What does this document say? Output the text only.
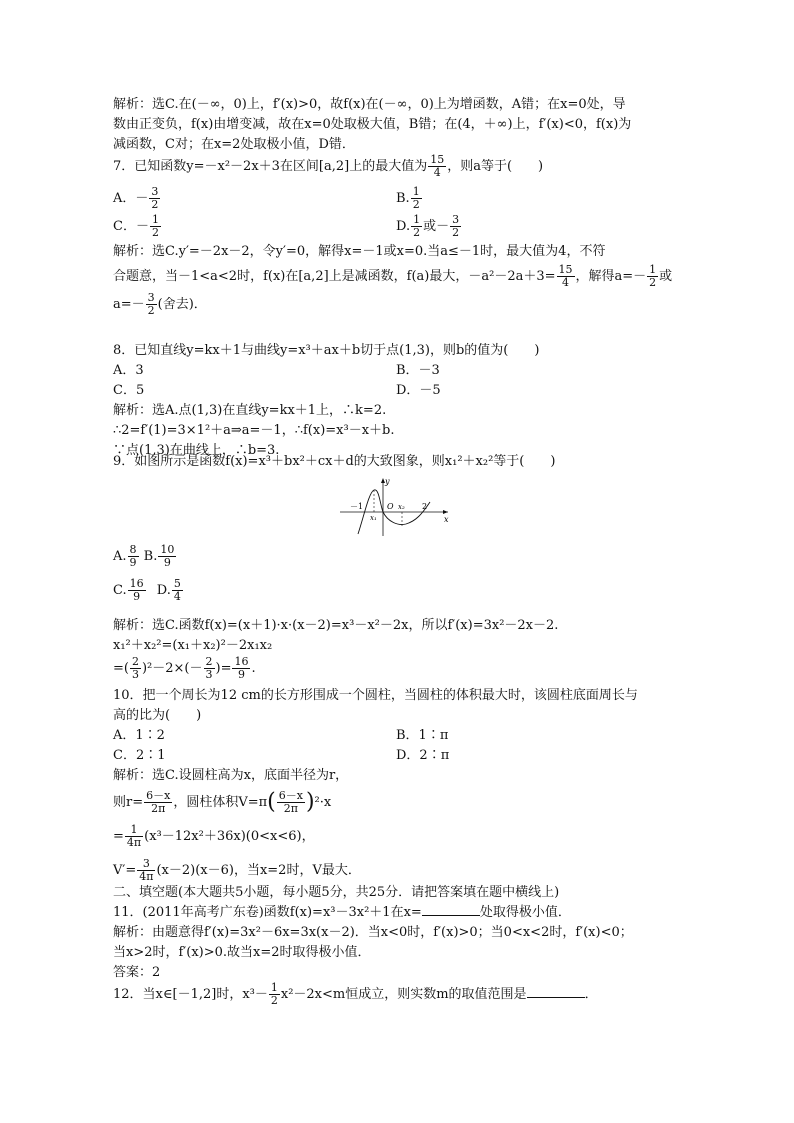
解析：选C.在(－∞，0)上，f′(x)>0，故f(x)在(－∞，0)上为增函数，A错；在x=0处，导
数由正变负，f(x)由增变减，故在x=0处取极大值，B错；在(4，＋∞)上，f′(x)<0，f(x)为
减函数，C对；在x=2处取极小值，D错．
7．已知函数y=－x²－2x＋3在区间[a,2]上的最大值为 $\frac{15}{4}$ ，则a等于(　　)
A．－ $\frac{3}{2}$	B. $\frac{1}{2}$
C．－ $\frac{1}{2}$	D. $\frac{1}{2}$ 或－ $\frac{3}{2}$
解析：选C.y′=－2x－2，令y′=0，解得x=－1或x=0.当a≤－1时，最大值为4，不符
合题意，当－1<a<2时，f(x)在[a,2]上是减函数，f(a)最大，$-a^2-2a+3= \frac{15}{4}$ ，解得$a=- \frac{1}{2}$ 或
$a=- \frac{3}{2}$ (舍去)．
8．已知直线y=kx＋1与曲线y=x³＋ax＋b切于点(1,3)，则b的值为(　　)
A．3	B．－3
C．5	D．－5
解析：选A.点(1,3)在直线y=kx＋1上，∴k=2.
∴2=f′(1)=3×1²＋a⇒a=－1，∴f(x)=x³－x＋b.
∵点(1,3)在曲线上，∴b=3.
9．如图所示是函数f(x)=x³＋bx²＋cx＋d的大致图象，则x₁²＋x₂²等于(　　)
y
x
－1	O
x₁
x₂ 2
A. $\frac{8}{9} B$. $\frac{10}{9}$
C. $\frac{16}{9} D$. $\frac{5}{4}$
解析：选C.函数f(x)=(x＋1)·x·(x－2)=x³－x²－2x，所以f′(x)=3x²－2x－2.
x₁²＋x₂²=(x₁＋x₂)²－2x₁x₂
=( $\frac{2}{3} )^2-2\times(- \frac{2}{3}$ )= $\frac{16}{9}$ .
10．把一个周长为12 cm的长方形围成一个圆柱，当圆柱的体积最大时，该圆柱底面周长与
高的比为(　　)
A．1∶2	B．1∶π
C．2∶1	D．2∶π
解析：选C.设圆柱高为x，底面半径为r，
则$r= \frac{6-x}{2\pi}$ ，圆柱体积$V=\pi( \frac{6-x}{2\pi} )^2\cdot x$
= $\frac{1}{4\pi} (x^3-12x^2+36x)(0<x<6)$，
$V'= \frac{3}{4\pi} (x-2)(x-6)$，当x=2时，V最大．
二、填空题(本大题共5小题，每小题5分，共25分．请把答案填在题中横线上)
11．(2011年高考广东卷)函数f(x)=x³－3x²＋1在x=	处取得极小值．
解析：由题意得f′(x)=3x²－6x=3x(x－2)．当x<0时，f′(x)>0；当0<x<2时，f′(x)<0；
当x>2时，f′(x)>0.故当x=2时取得极小值．
答案：2
12．当x∈[－1,2]时，$x^3- \frac{1}{2} x^2-2x<m$恒成立，则实数m的取值范围是	．
